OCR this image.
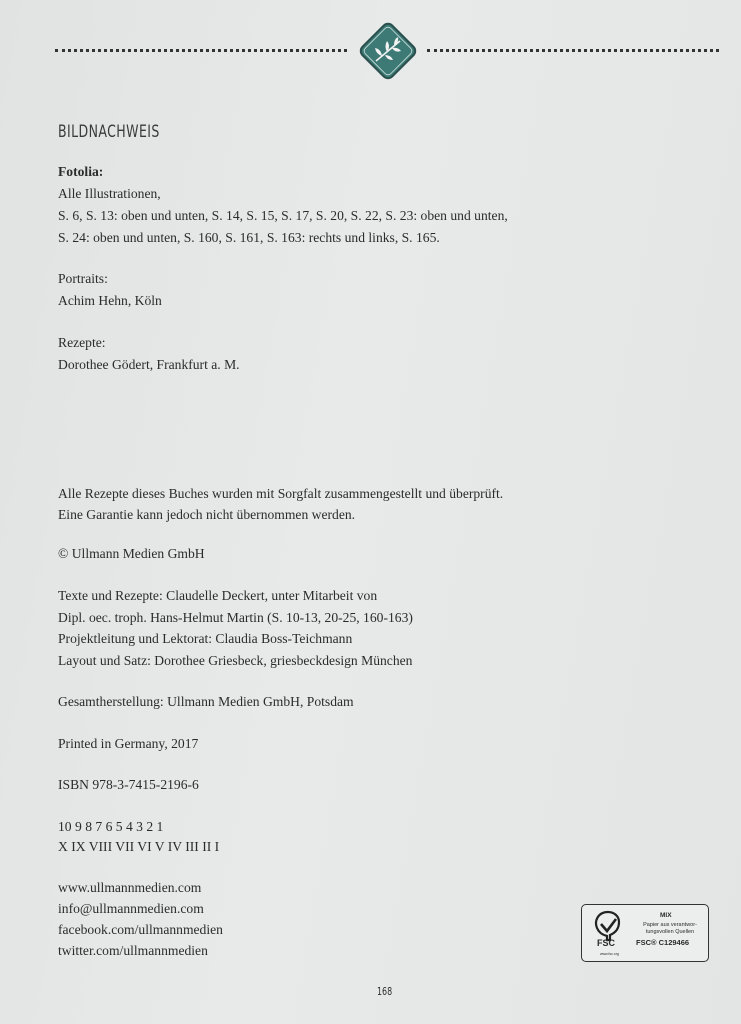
BILDNACHWEIS
Fotolia:
Alle Illustrationen,
S. 6, S. 13: oben und unten, S. 14, S. 15, S. 17, S. 20, S. 22, S. 23: oben und unten,
S. 24: oben und unten, S. 160, S. 161, S. 163: rechts und links, S. 165.
Portraits:
Achim Hehn, Köln
Rezepte:
Dorothee Gödert, Frankfurt a. M.
Alle Rezepte dieses Buches wurden mit Sorgfalt zusammengestellt und überprüft.
Eine Garantie kann jedoch nicht übernommen werden.
© Ullmann Medien GmbH
Texte und Rezepte: Claudelle Deckert, unter Mitarbeit von
Dipl. oec. troph. Hans-Helmut Martin (S. 10-13, 20-25, 160-163)
Projektleitung und Lektorat: Claudia Boss-Teichmann
Layout und Satz: Dorothee Griesbeck, griesbeckdesign München
Gesamtherstellung: Ullmann Medien GmbH, Potsdam
Printed in Germany, 2017
ISBN 978-3-7415-2196-6
10 9 8 7 6 5 4 3 2 1
X IX VIII VII VI V IV III II I
www.ullmannmedien.com
info@ullmannmedien.com
facebook.com/ullmannmedien
twitter.com/ullmannmedien	FSC
www.fsc.org
MIX
Papier aus verantwor-
tungsvollen Quellen
FSC® C129466
168
